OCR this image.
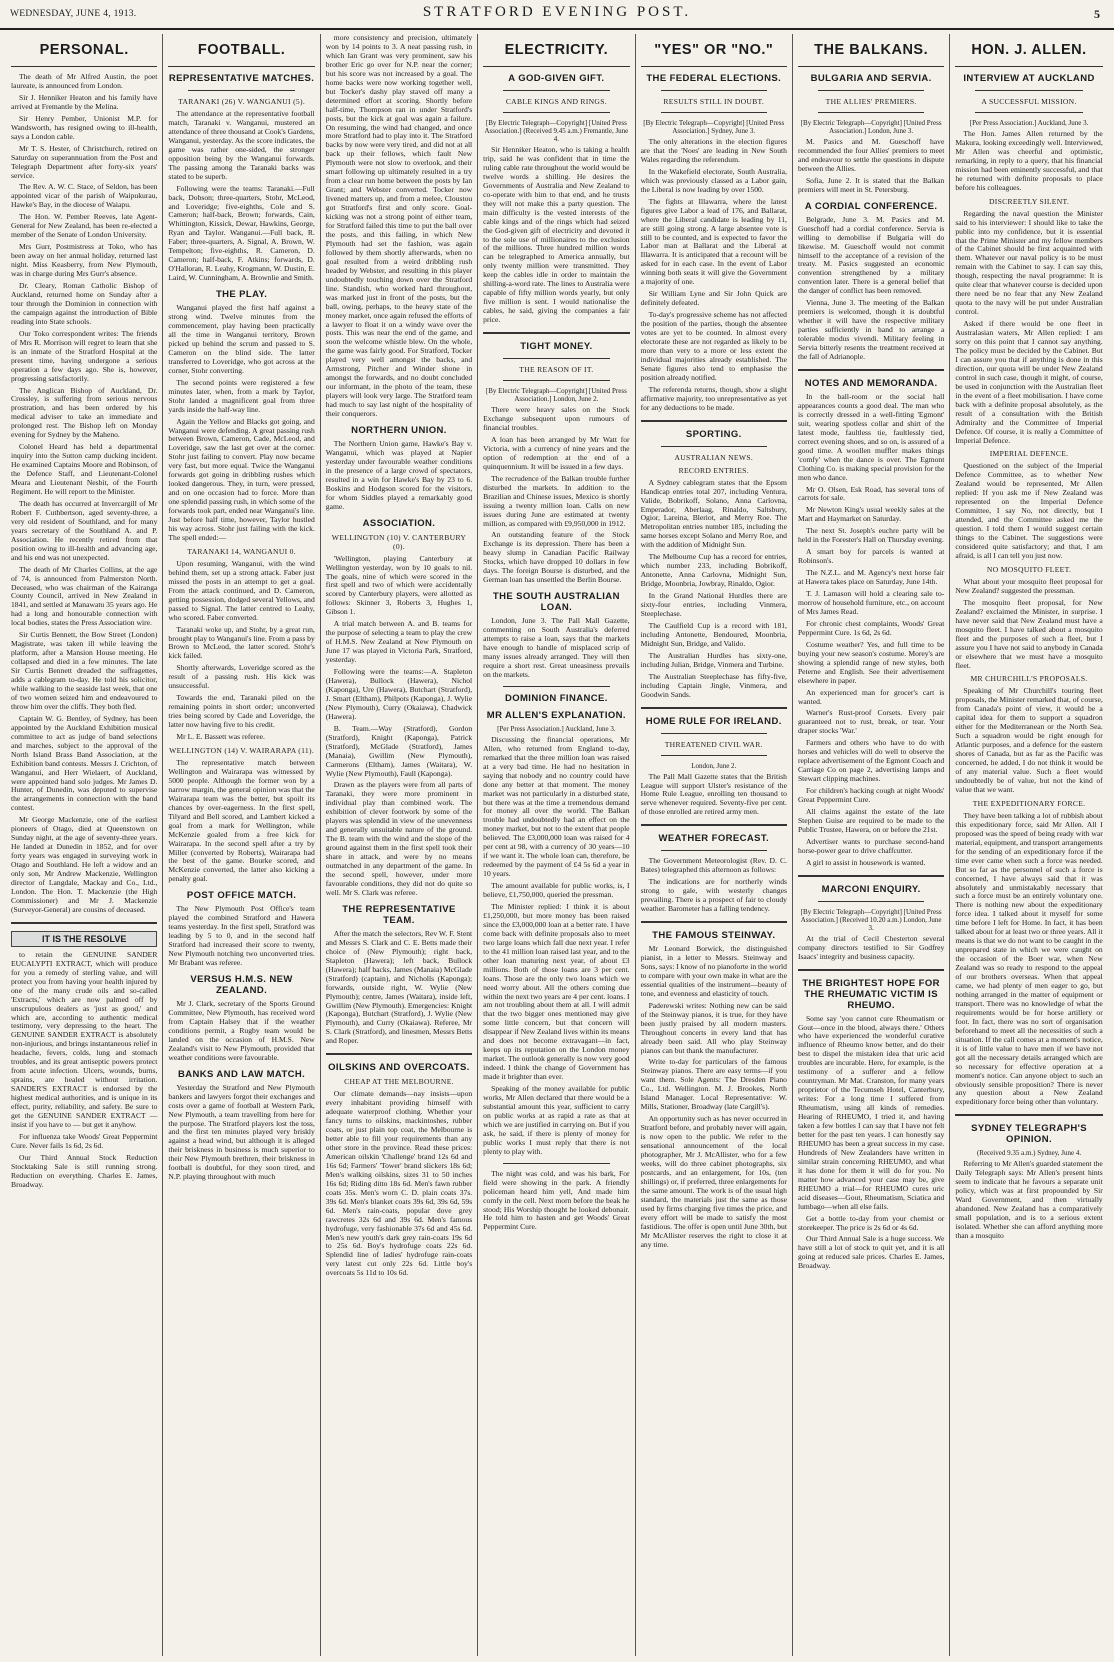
WEDNESDAY, JUNE 4, 1913.	STRATFORD EVENING POST.	5
PERSONAL.

The death of Mr Alfred Austin, the poet laureate, is announced from London.

Sir J. Henniker Heaton and his family have arrived at Fremantle by the Melina.

Sir Henry Pember, Unionist M.P. for Wandsworth, has resigned owing to ill-health, says a London cable.

Mr T. S. Hester, of Christchurch, retired on Saturday on superannuation from the Post and Telegraph Department after forty-six years' service.

The Rev. A. W. C. Stace, of Seldon, has been appointed vicar of the parish of Waipukurau, Hawke's Bay, in the diocese of Waiapu.

The Hon. W. Pember Reeves, late Agent-General for New Zealand, has been re-elected a member of the Senate of London University.

Mrs Gurr, Postmistress at Toko, who has been away on her annual holiday, returned last night. Miss Keasberry, from New Plymouth, was in charge during Mrs Gurr's absence.

Dr. Cleary, Roman Catholic Bishop of Auckland, returned home on Sunday after a tour through the Dominion in connection with the campaign against the introduction of Bible reading into State schools.

Our Toko correspondent writes: The friends of Mrs R. Morrison will regret to learn that she is an inmate of the Stratford Hospital at the present time, having undergone a serious operation a few days ago. She is, however, progressing satisfactorily.

The Anglican Bishop of Auckland, Dr. Crossley, is suffering from serious nervous prostration, and has been ordered by his medical adviser to take an immediate and prolonged rest. The Bishop left on Monday evening for Sydney by the Maheno.

Colonel Heard has held a departmental inquiry into the Sutton camp ducking incident. He examined Captains Moore and Robinson, of the Defence Staff, and Lieutenant-Colonel Meara and Lieutenant Nesbit, of the Fourth Regiment. He will report to the Minister.

The death has occurred at Invercargill of Mr Robert F. Cuthbertson, aged seventy-three, a very old resident of Southland, and for many years secretary of the Southland A. and P. Association. He recently retired from that position owing to ill-health and advancing age, and his end was not unexpected.

The death of Mr Charles Collins, at the age of 74, is announced from Palmerston North. Deceased, who was chairman of the Kairanga County Council, arrived in New Zealand in 1841, and settled at Manawatu 35 years ago. He had a long and honourable connection with local bodies, states the Press Association wire.

Sir Curtis Bennett, the Bow Street (London) Magistrate, was taken ill while leaving the platform, after a Mansion House meeting. He collapsed and died in a few minutes. The late Sir Curtis Bennett dreaded the suffragettes, adds a cablegram to-day. He told his solicitor, while walking to the seaside last week, that one of two women seized him and endeavoured to throw him over the cliffs. They both fled.

Captain W. G. Bentley, of Sydney, has been appointed by the Auckland Exhibition musical committee to act as judge of band selections and marches, subject to the approval of the North Island Brass Band Association, at the Exhibition band contests. Messrs J. Crichton, of Wanganui, and Herr Wielaert, of Auckland, were appointed band solo judges. Mr James D. Hunter, of Dunedin, was deputed to supervise the arrangements in connection with the band contest.

Mr George Mackenzie, one of the earliest pioneers of Otago, died at Queenstown on Sunday night, at the age of seventy-three years. He landed at Dunedin in 1852, and for over forty years was engaged in surveying work in Otago and Southland. He left a widow and an only son, Mr Andrew Mackenzie, Wellington director of Langdale, Mackay and Co., Ltd., London. The Hon. T. Mackenzie (the High Commissioner) and Mr J. Mackenzie (Surveyor-General) are cousins of deceased.

IT IS THE RESOLVE

to retain the GENUINE SANDER EUCALYPTI EXTRACT, which will produce for you a remedy of sterling value, and will protect you from having your health injured by one of the many crude oils and so-called 'Extracts,' which are now palmed off by unscrupulous dealers as 'just as good,' and which are, according to authentic medical testimony, very depressing to the heart. The GENUINE SANDER EXTRACT is absolutely non-injurious, and brings instantaneous relief in headache, fevers, colds, lung and stomach troubles, and its great antiseptic powers protect from acute infection. Ulcers, wounds, burns, sprains, are healed without irritation. SANDER'S EXTRACT is endorsed by the highest medical authorities, and is unique in its effect, purity, reliability, and safety. Be sure to get the GENUINE SANDER EXTRACT — insist if you have to — but get it anyhow.

For influenza take Woods' Great Peppermint Cure. Never fails 1s 6d, 2s 6d.

Our Third Annual Stock Reduction Stocktaking Sale is still running strong. Reduction on everything. Charles E. James, Broadway.

FOOTBALL.
REPRESENTATIVE MATCHES.
TARANAKI (26) V. WANGANUI (5).

The attendance at the representative football match, Taranaki v. Wanganui, mustered an attendance of three thousand at Cook's Gardens, Wanganui, yesterday. As the score indicates, the game was rather one-sided, the stronger opposition being by the Wanganui forwards. The passing among the Taranaki backs was stated to be superb.

Following were the teams: Taranaki.—Full back, Dobson; three-quarters, Stohr, McLeod, and Loveridge; five-eighths, Cole and S. Cameron; half-back, Brown; forwards, Cain, Whittington, Kissick, Dewar, Hawkins, George, Ryan and Taylor. Wanganui.—Full back, R. Faber; three-quarters, A. Signal, A. Brown, W. Tempelton; five-eighths, R. Cameron, D. Cameron; half-back, F. Atkins; forwards, D. O'Halloran, R. Leahy, Krogmann, W. Dustin, E. Laird, W. Cunningham, A. Brownlie and Smith.

THE PLAY.

Wanganui played the first half against a strong wind. Twelve minutes from the commencement, play having been practically all the time in Wanganui territory, Brown picked up behind the scrum and passed to S. Cameron on the blind side. The latter transferred to Loveridge, who got across at the corner, Stohr converting.

The second points were registered a few minutes later, when, from a mark by Taylor, Stohr landed a magnificent goal from three yards inside the half-way line.

Again the Yellow and Blacks got going, and Wanganui were defending. A great passing rush between Brown, Cameron, Cade, McLeod, and Loveridge, saw the last get over at the corner. Stohr just failing to convert. Play now became very fast, but more equal. Twice the Wanganui forwards got going in dribbling rushes which looked dangerous. They, in turn, were pressed, and on one occasion had to force. More than one splendid passing rush, in which some of the forwards took part, ended near Wanganui's line. Just before half time, however, Taylor hustled his way across. Stohr just failing with the kick. The spell ended:—

TARANAKI 14, WANGANUI 0.

Upon resuming, Wanganui, with the wind behind them, set up a strong attack. Faber just missed the posts in an attempt to get a goal. From the attack continued, and D. Cameron, getting possession, dodged several Yellows, and passed to Signal. The latter centred to Leahy, who scored. Faber converted.

Taranaki woke up, and Stohr, by a great run, brought play to Wanganui's line. From a pass by Brown to McLeod, the latter scored. Stohr's kick failed.

Shortly afterwards, Loveridge scored as the result of a passing rush. His kick was unsuccessful.

Towards the end, Taranaki piled on the remaining points in short order; unconverted tries being scored by Cade and Loveridge, the latter now having five to his credit.

Mr L. E. Bassett was referee.

WELLINGTON (14) V. WAIRARAPA (11).

The representative match between Wellington and Wairarapa was witnessed by 5000 people. Although the former won by a narrow margin, the general opinion was that the Wairarapa team was the better, but spoilt its chances by over-eagerness. In the first spell, Tilyard and Bell scored, and Lambert kicked a goal from a mark for Wellington, while McKenzie goaled from a free kick for Wairarapa. In the second spell after a try by Miller (converted by Roberts), Wairarapa had the best of the game. Bourke scored, and McKenzie converted, the latter also kicking a penalty goal.

POST OFFICE MATCH.

The New Plymouth Post Office's team played the combined Stratford and Hawera teams yesterday. In the first spell, Stratford was leading by 5 to 0, and in the second half Stratford had increased their score to twenty, New Plymouth notching two unconverted tries. Mr Brabant was referee.

VERSUS H.M.S. NEW ZEALAND.

Mr J. Clark, secretary of the Sports Ground Committee, New Plymouth, has received word from Captain Halsey that if the weather conditions permit, a Rugby team would be landed on the occasion of H.M.S. New Zealand's visit to New Plymouth, provided that weather conditions were favourable.

BANKS AND LAW MATCH.

Yesterday the Stratford and New Plymouth bankers and lawyers forgot their exchanges and costs over a game of football at Western Park, New Plymouth, a team travelling from here for the purpose. The Stratford players lost the toss, and the first ten minutes played very briskly against a head wind, but although it is alleged their briskness in business is much superior to their New Plymouth brethren, their briskness in football is doubtful, for they soon tired, and N.P. playing throughout with much

more consistency and precision, ultimately won by 14 points to 3. A neat passing rush, in which Ian Grant was very prominent, saw his brother Eric go over for N.P. near the corner; but his score was not increased by a goal. The home backs were now working together well, but Tocker's dashy play staved off many a determined effort at scoring. Shortly before half-time, Thompson ran in under Stratford's posts, but the kick at goal was again a failure. On resuming, the wind had changed, and once more Stratford had to play into it. The Stratford backs by now were very tired, and did not at all back up their fellows, which fault New Plymouth were not slow to overlook, and their smart following up ultimately resulted in a try from a clear run home between the posts by Ian Grant; and Webster converted. Tocker now livened matters up, and from a melee, Cloustou got Stratford's first and only score. Goal-kicking was not a strong point of either team, for Stratford failed this time to put the ball over the posts, and this failing, in which New Plymouth had set the fashion, was again followed by them shortly afterwards, when no goal resulted from a weird dribbling rush headed by Webster, and resulting in this player undoubtedly touching down over the Stratford line. Standish, who worked hard throughout, was marked just in front of the posts, but the ball, owing, perhaps, to the heavy state of the money market, once again refused the efforts of a lawyer to float it on a windy wave over the posts. This was near the end of the game, and soon the welcome whistle blew. On the whole, the game was fairly good. For Stratford, Tocker played very well amongst the backs, and Armstrong, Pitcher and Winder shone in amongst the forwards, and no doubt concluded our informant, in the photo of the team, these players will look very large. The Stratford team had much to say last night of the hospitality of their conquerors.

NORTHERN UNION.

The Northern Union game, Hawke's Bay v. Wanganui, which was played at Napier yesterday under favourable weather conditions in the presence of a large crowd of spectators, resulted in a win for Hawke's Bay by 23 to 6. Boskins and Hodgson scored for the visitors, for whom Siddles played a remarkably good game.

ASSOCIATION.
WELLINGTON (10) V. CANTERBURY (0).

'Wellington, playing Canterbury at Wellington yesterday, won by 10 goals to nil. The goals, nine of which were scored in the first spell and two of which were accidentally scored by Canterbury players, were allotted as follows: Skinner 3, Roberts 3, Hughes 1, Gibson 1.

A trial match between A. and B. teams for the purpose of selecting a team to play the crew of H.M.S. New Zealand at New Plymouth on June 17 was played in Victoria Park, Stratford, yesterday.

Following were the teams:—A. Stapleton (Hawera), Bullock (Hawera), Nichol (Kaponga), Ure (Hawera), Butchart (Stratford), J. Smart (Eltham), Philpots (Kaponga), J. Wylie (New Plymouth), Curry (Okaiawa), Chadwick (Hawera).

B. Team.—Way (Stratford), Gordon (Stratford), Knight (Kaponga), Patrick (Stratford), McGlade (Stratford), James (Manaia), Gwillim (New Plymouth), Carmerons (Eltham), James (Waitara), W. Wylie (New Plymouth), Faull (Kaponga).

Drawn as the players were from all parts of Taranaki, they were more prominent in individual play than combined work. The exhibition of clever footwork by some of the players was splendid in view of the unevenness and generally unsuitable nature of the ground. The B. team with the wind and the slope of the ground against them in the first spell took their share in attack, and were by no means outmatched in any department of the game. In the second spell, however, under more favourable conditions, they did not do quite so well. Mr S. Clark was referee.

THE REPRESENTATIVE TEAM.

After the match the selectors, Rev W. F. Stent and Messrs S. Clark and C. E. Betts made their choice of (New Plymouth); right back, Stapleton (Hawera); left back, Bullock (Hawera); half backs, James (Manaia) McGlade (Stratford) (captain), and Nicholls (Kaponga); forwards, outside right, W. Wylie (New Plymouth); centre, James (Waitara), inside left, Gwillim (New Plymouth). Emergencies: Knight (Kaponga), Butchart (Stratford), J. Wylie (New Plymouth), and Curry (Okaiawa). Referee, Mr S. Clark (Stratford), and linesmen, Messrs Betts and Roper.

OILSKINS AND OVERCOATS.
CHEAP AT THE MELBOURNE.

Our climate demands—nay insists—upon every inhabitant providing himself with adequate waterproof clothing. Whether your fancy turns to oilskins, mackintoshes, rubber coats, or just plain top coat, the Melbourne is better able to fill your requirements than any other store in the province. Read these prices: American oilskin 'Challenge' brand 12s 6d and 16s 6d; Farmers' 'Tower' brand slickers 18s 6d; Men's walking oilskins, sizes 31 to 50 inches 16s 6d; Riding ditto 18s 6d. Men's fawn rubber coats 35s. Men's worn C. D. plain coats 37s. 39s 6d. Men's blanket coats 39s 6d, 39s 6d, 59s 6d. Men's rain-coats, popular dove grey rawcretes 32s 6d and 39s 6d. Men's famous hydrofuge, very fashionable 37s 6d and 45s 6d. Men's new youth's dark grey rain-coats 19s 6d to 25s 6d. Boy's hydrofuge coats 22s 6d. Splendid line of ladies' hydrofuge rain-coats very latest cut only 22s 6d. Little boy's overcoats 5s 11d to 10s 6d.

ELECTRICITY.
A GOD-GIVEN GIFT.
CABLE KINGS AND RINGS.
[By Electric Telegraph—Copyright] [United Press Association.] (Received 9.45 a.m.) Fremantle, June 4.

Sir Henniker Heaton, who is taking a health trip, said he was confident that in time the ruling cable rate throughout the world would be twelve words a shilling. He desires the Governments of Australia and New Zealand to co-operate with him to that end, and he trusts they will not make this a party question. The main difficulty is the vested interests of the cable kings and of the rings which had seized the God-given gift of electricity and devoted it to the sole use of millionaires to the exclusion of the millions. Three hundred million words can be telegraphed to America annually, but only twenty million were transmitted. They keep the cables idle in order to maintain the shilling-a-word rate. The lines to Australia were capable of fifty million words yearly, but only five million is sent. I would nationalise the cables, he said, giving the companies a fair price.

TIGHT MONEY.
THE REASON OF IT.
[By Electric Telegraph—Copyright] [United Press Association.] London, June 2.

There were heavy sales on the Stock Exchange subsequent upon rumours of financial troubles.

A loan has been arranged by Mr Watt for Victoria, with a currency of nine years and the option of redemption at the end of a quinquennium. It will be issued in a few days.

The recrudence of the Balkan trouble further disturbed the markets. In addition to the Brazilian and Chinese issues, Mexico is shortly issuing a twenty million loan. Calls on new issues during June are estimated at twenty million, as compared with £9,950,000 in 1912.

An outstanding feature of the Stock Exchange is its depression. There has been a heavy slump in Canadian Pacific Railway Stocks, which have dropped 10 dollars in few days. The foreign Bourse is disturbed, and the German loan has unsettled the Berlin Bourse.

THE SOUTH AUSTRALIAN LOAN.

London, June 3. The Pall Mall Gazette, commenting on South Australia's deferred attempts to raise a loan, says that the markets have enough to handle of misplaced scrip of many issues already arranged. They will then require a short rest. Great uneasiness prevails on the markets.

DOMINION FINANCE.
MR ALLEN'S EXPLANATION.
[Per Press Association.] Auckland, June 3.

Discussing the financial operations, Mr Allen, who returned from England to-day, remarked that the three million loan was raised at a very bad time. He had no hesitation in saying that nobody and no country could have done any better at that moment. The money market was not particularly in a disturbed state, but there was at the time a tremendous demand for money all over the world. The Balkan trouble had undoubtedly had an effect on the money market, but not to the extent that people believed. The £3,000,000 loan was raised for 4 per cent at 98, with a currency of 30 years—10 if we want it. The whole loan can, therefore, be redeemed by the payment of £4 5s 6d a year in 10 years.

The amount available for public works, is, I believe, £1,750,000, queried the pressman.

The Minister replied: I think it is about £1,250,000, but more money has been raised since the £3,000,000 loan at a better rate. I have come back with definite proposals also to meet two large loans which fall due next year. I refer to the 41 million loan raised last year, and to the other loan maturing next year, of about £3 millions. Both of those loans are 3 per cent. loans. Those are the only two loans which we need worry about. All the others coming due within the next two years are 4 per cent. loans. I am not troubling about them at all. I will admit that the two bigger ones mentioned may give some little concern, but that concern will disappear if New Zealand lives within its means and does not become extravagant—in fact, keeps up its reputation on the London money market. The outlook generally is now very good indeed. I think the change of Government has made it brighter than ever.

Speaking of the money available for public works, Mr Allen declared that there would be a substantial amount this year, sufficient to carry on public works at as rapid a rate as that at which we are justified in carrying on. But if you ask, he said, if there is plenty of money for public works I must reply that there is not plenty to play with.

The night was cold, and was his bark, For field were showing in the park. A friendly policeman heard him yell, And made him comfy in the cell. Next morn before the beak he stood; His Worship thought he looked debonair. He told him to hasten and get Woods' Great Peppermint Cure.

"YES" OR "NO."
THE FEDERAL ELECTIONS.
RESULTS STILL IN DOUBT.
[By Electric Telegraph—Copyright] [United Press Association.] Sydney, June 3.

The only alterations in the election figures are that the 'Noes' are leading in New South Wales regarding the referendum.

In the Wakefield electorate, South Australia, which was previously classed as a Labor gain, the Liberal is now leading by over 1500.

The fights at Illawarra, where the latest figures give Labor a lead of 176, and Ballarat, where the Liberal candidate is leading by 11, are still going strong. A large absentee vote is still to be counted, and is expected to favor the Labor man at Ballarat and the Liberal at Illawarra. It is anticipated that a recount will be asked for in each case. In the event of Labor winning both seats it will give the Government a majority of one.

Sir William Lyne and Sir John Quick are definitely defeated.

To-day's progressive scheme has not affected the position of the parties, though the absentee votes are yet to be counted. In almost every electorate these are not regarded as likely to be more than very to a more or less extent the individual majorities already established. The Senate figures also tend to emphasise the position already notified.

The referenda returns, though, show a slight affirmative majority, too unrepresentative as yet for any deductions to be made.

SPORTING.
AUSTRALIAN NEWS.
RECORD ENTRIES.

A Sydney cablegram states that the Epsom Handicap entries total 207, including Ventura, Valide, Bobrikoff, Solano, Anna Carlovna, Emperador, Aberlaag, Rinaldo, Saltsbury, Ogior, Lareina, Bleriot, and Merry Roe. The Metropolitan entries number 185, including the same horses except Solano and Merry Roe, and with the addition of Midnight Sun.

The Melbourne Cup has a record for entries, which number 233, including Bobrikoff, Antonette, Anna Carlovna, Midnight Sun, Bridge, Moonbria, Jowbray, Rinaldo, Ogior.

In the Grand National Hurdles there are sixty-four entries, including Vinmera, Steeplechase.

The Caulfield Cup is a record with 181, including Antonette, Bendoured, Moonbria, Midnight Sun, Bridge, and Valido.

The Australian Hurdles has sixty-one, including Julian, Bridge, Vinmera and Turbine.

The Australian Steeplechase has fifty-five, including Captain Jingle, Vinmera, and Goodwin Sands.

HOME RULE FOR IRELAND.
THREATENED CIVIL WAR.
London, June 2.

The Pall Mall Gazette states that the British League will support Ulster's resistance of the Home Rule League, enrolling ten thousand to serve whenever required. Seventy-five per cent. of those enrolled are retired army men.

WEATHER FORECAST.

The Government Meteorologist (Rev. D. C. Bates) telegraphed this afternoon as follows:

The indications are for northerly winds strong to gale, with westerly changes prevailing. There is a prospect of fair to cloudy weather. Barometer has a falling tendency.

THE FAMOUS STEINWAY.

Mr Leonard Borwick, the distinguished pianist, in a letter to Messrs. Steinway and Sons, says: I know of no pianoforte in the world to compare with your own make in what are the essential qualities of the instrument—beauty of tone, and evenness and elasticity of touch.

Paderewski writes: Nothing new can be said of the Steinway pianos, it is true, for they have been justly praised by all modern masters. Throughout concerts in every land that has already been said. All who play Steinway pianos can but thank the manufacturer.

Write to-day for particulars of the famous Steinway pianos. There are easy terms—if you want them. Sole Agents: The Dresden Piano Co., Ltd. Wellington. M. J. Brookes, North Island Manager. Local Representative: W. Mills, Stationer, Broadway (late Cargill's).

An opportunity such as has never occurred in Stratford before, and probably never will again, is now open to the public. We refer to the sensational announcement of the local photographer, Mr J. McAllister, who for a few weeks, will do three cabinet photographs, six postcards, and an enlargement, for 10s, (ten shillings) or, if preferred, three enlargements for the same amount. The work is of the usual high standard, the materials just the same as those used by firms charging five times the price, and every effort will be made to satisfy the most fastidious. The offer is open until June 30th, but Mr McAllister reserves the right to close it at any time.

THE BALKANS.
BULGARIA AND SERVIA.
THE ALLIES' PREMIERS.
[By Electric Telegraph—Copyright] [United Press Association.] London, June 3.

M. Pasics and M. Gueschoff have recommended the four Allies' premiers to meet and endeavour to settle the questions in dispute between the Allies.

Sofia, June 2. It is stated that the Balkan premiers will meet in St. Petersburg.

A CORDIAL CONFERENCE.

Belgrade, June 3. M. Pasics and M. Gueschoff had a cordial conference. Servia is willing to demobilise if Bulgaria will do likewise. M. Gueschoff would not commit himself to the acceptance of a revision of the treaty. M. Pasics suggested an economic convention strengthened by a military convention later. There is a general belief that the danger of conflict has been removed.

Vienna, June 3. The meeting of the Balkan premiers is welcomed, though it is doubtful whether it will have the respective military parties sufficiently in hand to arrange a tolerable modus vivendi. Military feeling in Servia bitterly resents the treatment received at the fall of Adrianople.

NOTES AND MEMORANDA.

In the ball-room or the social hall appearances counts a good deal. The man who is correctly dressed in a well-fitting 'Egmont' suit, wearing spotless collar and shirt of the latest mode, faultless tie, faultlessly tied, correct evening shoes, and so on, is assured of a good time. A woollen muffler makes things 'comfy' when the dance is over. The Egmont Clothing Co. is making special provision for the men who dance.

Mr O. Olsen, Esk Road, has several tons of carrots for sale.

Mr Newton King's usual weekly sales at the Mart and Haymarket on Saturday.

The next St. Joseph's euchre party will be held in the Forester's Hall on Thursday evening.

A smart boy for parcels is wanted at Robinson's.

The N.Z.L. and M. Agency's next horse fair at Hawera takes place on Saturday, June 14th.

T. J. Lamason will hold a clearing sale to-morrow of household furniture, etc., on account of Mrs James Read.

For chronic chest complaints, Woods' Great Peppermint Cure. 1s 6d, 2s 6d.

Costume weather? Yes, and full time to be buying your new season's costume. Morey's are showing a splendid range of new styles, both Peterne and English. See their advertisement elsewhere in paper.

An experienced man for grocer's cart is wanted.

Warner's Rust-proof Corsets. Every pair guaranteed not to rust, break, or tear. Your draper stocks 'War.'

Farmers and others who have to do with horses and vehicles will do well to observe the replace advertisement of the Egmont Coach and Carriage Co on page 2, advertising lamps and Stewart clipping machines.

For children's hacking cough at night Woods' Great Peppermint Cure.

All claims against the estate of the late Stephen Guise are required to be made to the Public Trustee, Hawera, on or before the 21st.

Advertiser wants to purchase second-hand horse-power gear to drive chaffcutter.

A girl to assist in housework is wanted.

MARCONI ENQUIRY.
[By Electric Telegraph—Copyright] [United Press Association.] (Received 10.20 a.m.) London, June 3.

At the trial of Cecil Chesterton several company directors testified to Sir Godfrey Isaacs' integrity and business capacity.

THE BRIGHTEST HOPE FOR THE RHEUMATIC VICTIM IS RHEUMO.

Some say 'you cannot cure Rheumatism or Gout—once in the blood, always there.' Others who have experienced the wonderful curative influence of Rheumo know better, and do their best to dispel the mistaken idea that uric acid troubles are incurable. Here, for example, is the testimony of a sufferer and a fellow countryman. Mr Mat. Cranston, for many years proprietor of the Tecumseh Hotel, Canterbury, writes: For a long time I suffered from Rheumatism, using all kinds of remedies. Hearing of RHEUMO, I tried it, and having taken a few bottles I can say that I have not felt better for the past ten years. I can honestly say RHEUMO has been a great success in my case. Hundreds of New Zealanders have written in similar strain concerning RHEUMO, and what it has done for them it will do for you. No matter how advanced your case may be, give RHEUMO a trial—for RHEUMO cures uric acid diseases—Gout, Rheumatism, Sciatica and lumbago—when all else fails.

Get a bottle to-day from your chemist or storekeeper. The price is 2s 6d or 4s 6d.

Our Third Annual Sale is a huge success. We have still a lot of stock to quit yet, and it is all going at reduced sale prices. Charles E. James, Broadway.

HON. J. ALLEN.
INTERVIEW AT AUCKLAND
A SUCCESSFUL MISSION.
[Per Press Association.] Auckland, June 3.

The Hon. James Allen returned by the Makura, looking exceedingly well. Interviewed, Mr Allen was cheerful and optimistic, remarking, in reply to a query, that his financial mission had been eminently successful, and that he returned with definite proposals to place before his colleagues.

DISCREETLY SILENT.

Regarding the naval question the Minister said to his interviewer: I should like to take the public into my confidence, but it is essential that the Prime Minister and my fellow members of the Cabinet should be first acquainted with them. Whatever our naval policy is to be must remain with the Cabinet to say. I can say this, though, respecting the naval programme: It is quite clear that whatever course is decided upon there need be no fear that any New Zealand quota to the navy will be put under Australian control.

Asked if there would be one fleet in Australasian waters, Mr Allen replied: I am sorry on this point that I cannot say anything. The policy must be decided by the Cabinet. But I can assure you that if anything is done in this direction, our quota will be under New Zealand control in such case, though it might, of course, be used in conjunction with the Australian fleet in the event of a fleet mobilisation. I have come back with a definite proposal absolutely, as the result of a consultation with the British Admiralty and the Committee of Imperial Defence. Of course, it is really a Committee of Imperial Defence.

IMPERIAL DEFENCE.

Questioned on the subject of the Imperial Defence Committee, as to whether New Zealand would be represented, Mr Allen replied: If you ask me if New Zealand was represented on the Imperial Defence Committee, I say No, not directly, but I attended, and the Committee asked me the question. I told them I would suggest certain things to the Cabinet. The suggestions were considered quite satisfactory; and that, I am afraid, is all I can tell you just now.

NO MOSQUITO FLEET.

What about your mosquito fleet proposal for New Zealand? suggested the pressman.

The mosquito fleet proposal, for New Zealand? exclaimed the Minister, in surprise. I have never said that New Zealand must have a mosquito fleet. I have talked about a mosquito fleet and the purposes of such a fleet, but I assure you I have not said to anybody in Canada or elsewhere that we must have a mosquito fleet.

MR CHURCHILL'S PROPOSALS.

Speaking of Mr Churchill's touring fleet proposals, the Minister remarked that, of course, from Canada's point of view, it would be a capital idea for them to support a squadron either for the Mediterranean or the North Sea. Such a squadron would be right enough for Atlantic purposes, and a defence for the eastern shores of Canada, but as far as the Pacific was concerned, he added, I do not think it would be of any material value. Such a fleet would undoubtedly be of value, but not the kind of value that we want.

THE EXPEDITIONARY FORCE.

They have been talking a lot of rubbish about this expeditionary force, said Mr Allen. All I proposed was the speed of being ready with war material, equipment, and transport arrangements for the sending of an expeditionary force if the time ever came when such a force was needed. But so far as the personnel of such a force is concerned, I have always said that it was absolutely and unmistakably necessary that such a force must be an entirely voluntary one. There is nothing new about the expeditionary force idea. I talked about it myself for some time before I left for Home. In fact, it has been talked about for at least two or three years. All it means is that we do not want to be caught in the unprepared state in which we were caught on the occasion of the Boer war, when New Zealand was so ready to respond to the appeal of our brothers overseas. When that appeal came, we had plenty of men eager to go, but nothing arranged in the matter of equipment or transport. There was no knowledge of what the requirements would be for horse artillery or foot. In fact, there was no sort of organisation beforehand to meet all the necessities of such a situation. If the call comes at a moment's notice, it is of little value to have men if we have not got all the necessary details arranged which are so necessary for effective operation at a moment's notice. Can anyone object to such an obviously sensible proposition? There is never any question about a New Zealand expeditionary force being other than voluntary.

SYDNEY TELEGRAPH'S OPINION.
(Received 9.35 a.m.) Sydney, June 4.

Referring to Mr Allen's guarded statement the Daily Telegraph says: Mr Allen's present hints seem to indicate that he favours a separate unit policy, which was at first propounded by Sir Ward Government, and then virtually abandoned. New Zealand has a comparatively small population, and is to a serious extent isolated. Whether she can afford anything more than a mosquito
